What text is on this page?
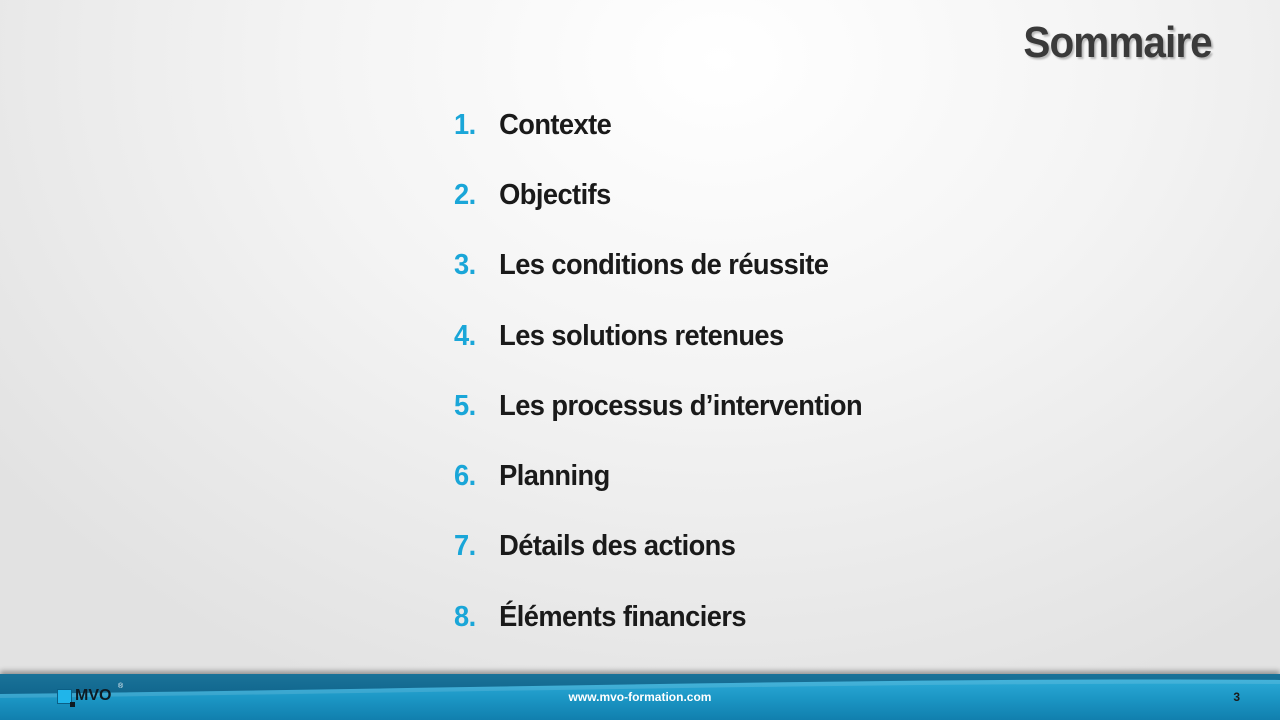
Sommaire
1. Contexte
2. Objectifs
3. Les conditions de réussite
4. Les solutions retenues
5. Les processus d’intervention
6. Planning
7. Détails des actions
8. Éléments financiers
MVO
®
www.mvo-formation.com	3
